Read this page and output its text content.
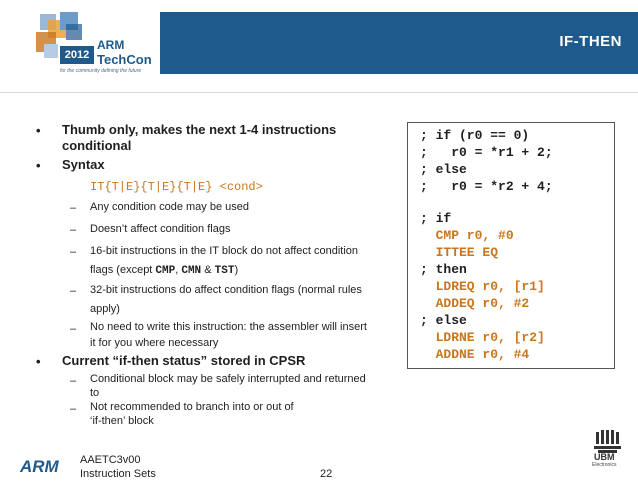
2012
ARM
TechCon
for the community defining the future
IF-THEN
• Thumb only, makes the next 1-4 instructions
conditional
• Syntax
IT{T|E}{T|E}{T|E} <cond>
– Any condition code may be used
– Doesn’t affect condition flags
– 16-bit instructions in the IT block do not affect condition
flags (except CMP, CMN & TST)
– 32-bit instructions do affect condition flags (normal rules
apply)
– No need to write this instruction: the assembler will insert
it for you where necessary
• Current “if-then status” stored in CPSR
– Conditional block may be safely interrupted and returned
to
– Not recommended to branch into or out of
‘if-then’ block
; if (r0 == 0)
;   r0 = *r1 + 2;
; else
;   r0 = *r2 + 4;
; if
CMP r0, #0
ITTEE EQ
; then
LDREQ r0, [r1]
ADDEQ r0, #2
; else
LDRNE r0, [r2]
ADDNE r0, #4
ARM AAETC3v00
Instruction Sets	22
UBM
Electronics
